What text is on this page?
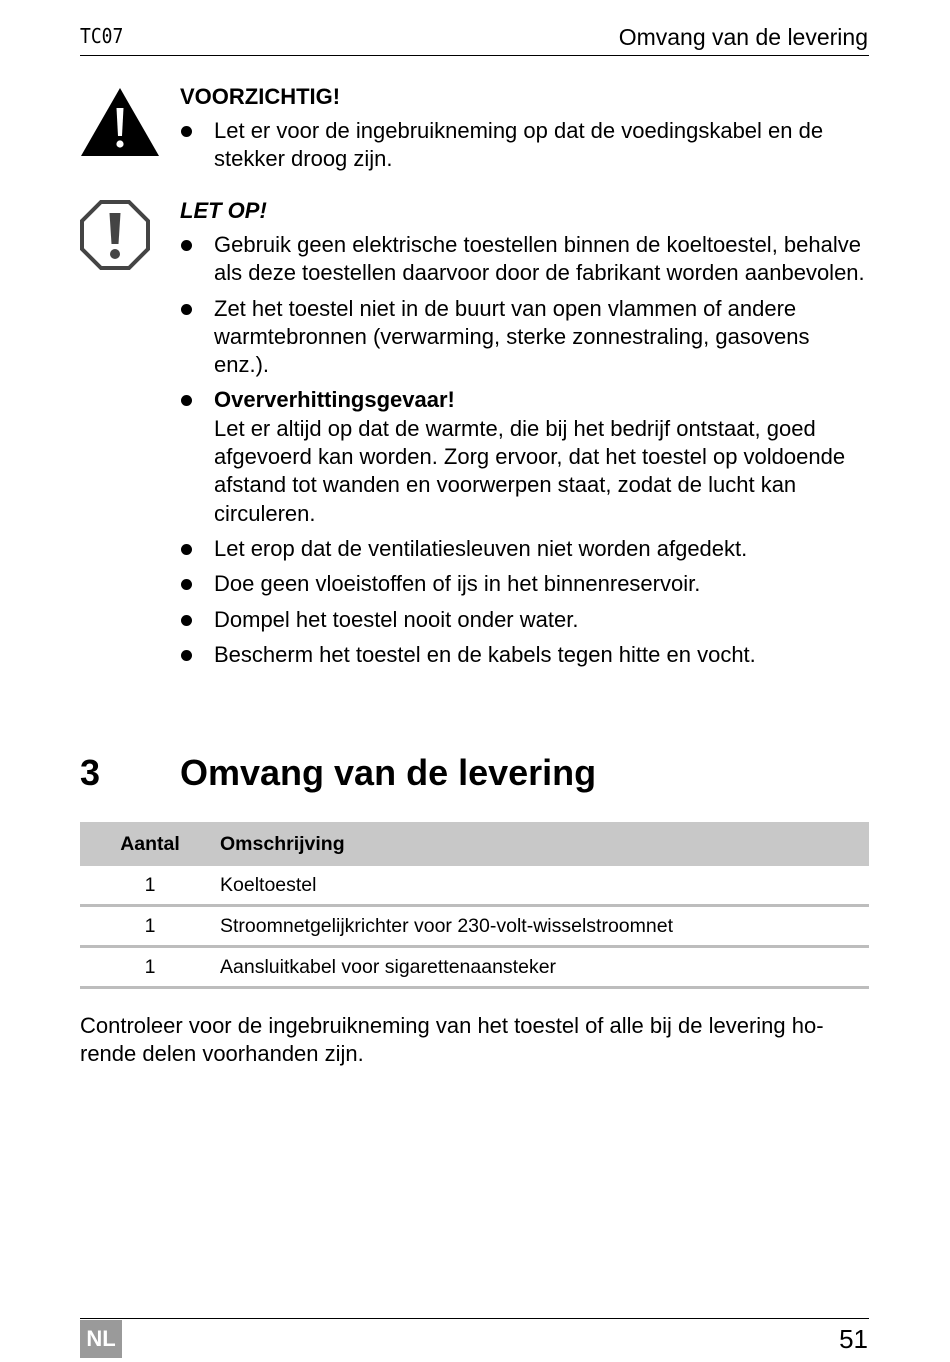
TC07	Omvang van de levering
VOORZICHTIG!
Let er voor de ingebruikneming op dat de voedingskabel en de stekker droog zijn.
LET OP!
Gebruik geen elektrische toestellen binnen de koeltoestel, behalve als deze toestellen daarvoor door de fabrikant worden aanbevolen.
Zet het toestel niet in de buurt van open vlammen of andere warmtebronnen (verwarming, sterke zonnestraling, gasovens enz.).
Oververhittingsgevaar!
Let er altijd op dat de warmte, die bij het bedrijf ontstaat, goed afgevoerd kan worden. Zorg ervoor, dat het toestel op voldoende afstand tot wanden en voorwerpen staat, zodat de lucht kan circuleren.
Let erop dat de ventilatiesleuven niet worden afgedekt.
Doe geen vloeistoffen of ijs in het binnenreservoir.
Dompel het toestel nooit onder water.
Bescherm het toestel en de kabels tegen hitte en vocht.
3 Omvang van de levering
Aantal	Omschrijving
1	Koeltoestel
1	Stroomnetgelijkrichter voor 230-volt-wisselstroomnet
1	Aansluitkabel voor sigarettenaansteker
Controleer voor de ingebruikneming van het toestel of alle bij de levering horende delen voorhanden zijn.
NL	51
